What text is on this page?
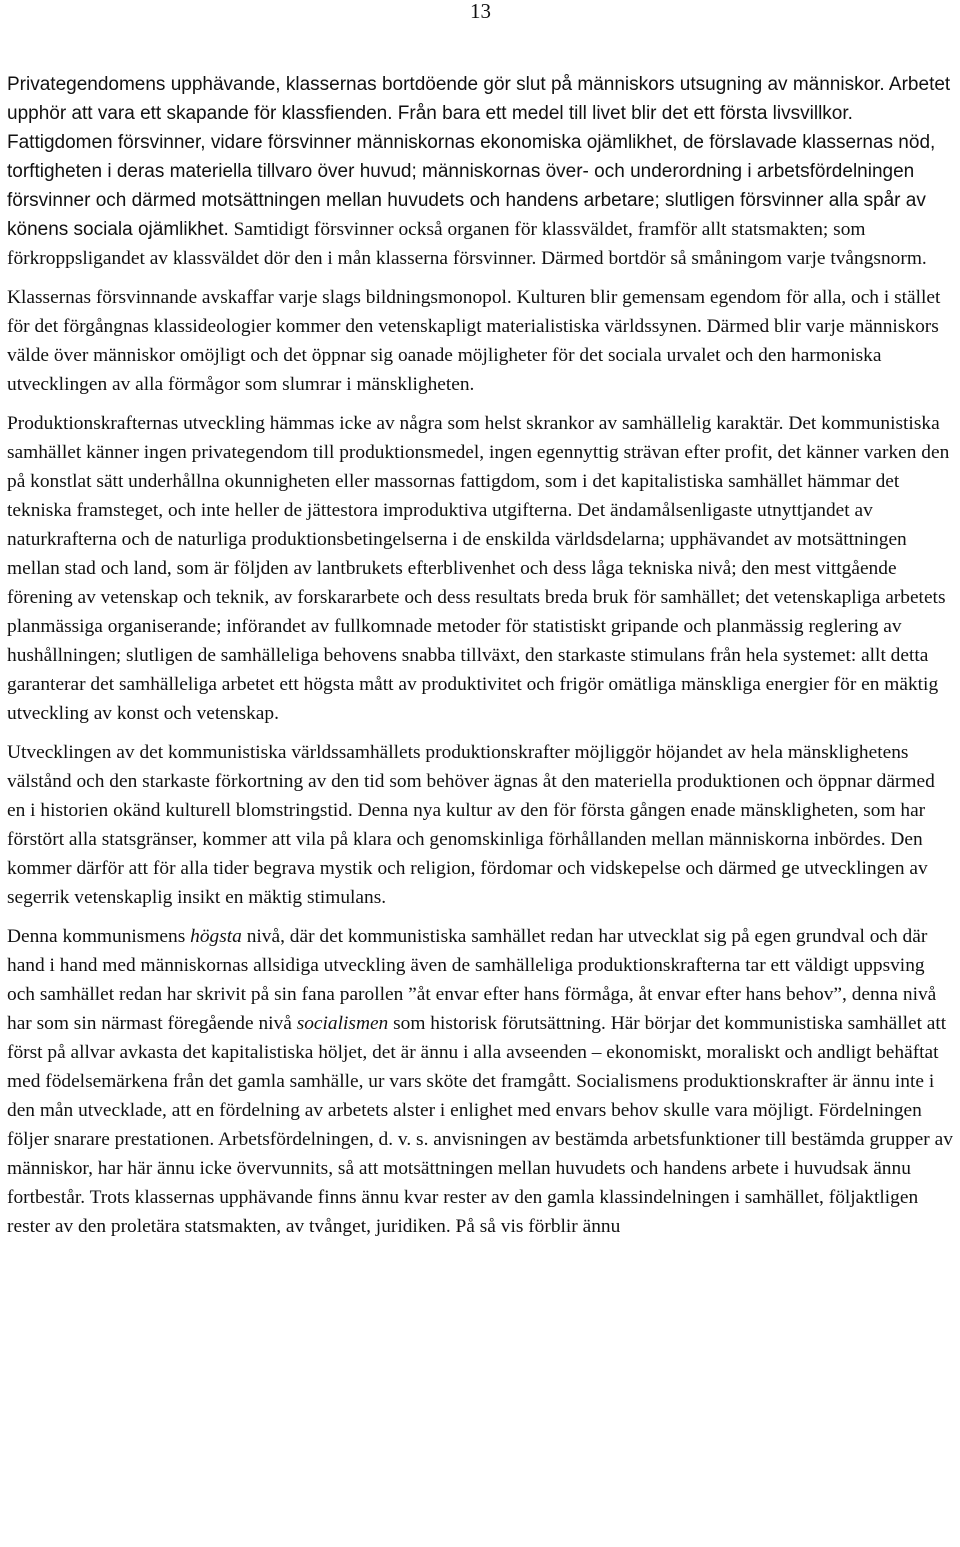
13

Privategendomens upphävande, klassernas bortdöende gör slut på människors utsugning av människor. Arbetet upphör att vara ett skapande för klassfienden. Från bara ett medel till livet blir det ett första livsvillkor. Fattigdomen försvinner, vidare försvinner människornas ekonomiska ojämlikhet, de förslavade klassernas nöd, torftigheten i deras materiella tillvaro över huvud; människornas över- och underordning i arbetsfördelningen försvinner och därmed motsättningen mellan huvudets och handens arbetare; slutligen försvinner alla spår av könens sociala ojämlikhet. Samtidigt försvinner också organen för klassväldet, framför allt statsmakten; som förkroppsligandet av klassväldet dör den i mån klasserna försvinner. Därmed bortdör så småningom varje tvångsnorm.

Klassernas försvinnande avskaffar varje slags bildningsmonopol. Kulturen blir gemensam egendom för alla, och i stället för det förgångnas klassideologier kommer den vetenskapligt materialistiska världssynen. Därmed blir varje människors välde över människor omöjligt och det öppnar sig oanade möjligheter för det sociala urvalet och den harmoniska utvecklingen av alla förmågor som slumrar i mänskligheten.

Produktionskrafternas utveckling hämmas icke av några som helst skrankor av samhällelig karaktär. Det kommunistiska samhället känner ingen privategendom till produktionsmedel, ingen egennyttig strävan efter profit, det känner varken den på konstlat sätt underhållna okunnigheten eller massornas fattigdom, som i det kapitalistiska samhället hämmar det tekniska framsteget, och inte heller de jättestora improduktiva utgifterna. Det ändamålsenligaste utnyttjandet av naturkrafterna och de naturliga produktionsbetingelserna i de enskilda världsdelarna; upphävandet av motsättningen mellan stad och land, som är följden av lantbrukets efterblivenhet och dess låga tekniska nivå; den mest vittgående förening av vetenskap och teknik, av forskararbete och dess resultats breda bruk för samhället; det vetenskapliga arbetets planmässiga organiserande; införandet av fullkomnade metoder för statistiskt gripande och planmässig reglering av hushållningen; slutligen de samhälleliga behovens snabba tillväxt, den starkaste stimulans från hela systemet: allt detta garanterar det samhälleliga arbetet ett högsta mått av produktivitet och frigör omätliga mänskliga energier för en mäktig utveckling av konst och vetenskap.

Utvecklingen av det kommunistiska världssamhällets produktionskrafter möjliggör höjandet av hela mänsklighetens välstånd och den starkaste förkortning av den tid som behöver ägnas åt den materiella produktionen och öppnar därmed en i historien okänd kulturell blomstringstid. Denna nya kultur av den för första gången enade mänskligheten, som har förstört alla statsgränser, kommer att vila på klara och genomskinliga förhållanden mellan människorna inbördes. Den kommer därför att för alla tider begrava mystik och religion, fördomar och vidskepelse och därmed ge utvecklingen av segerrik vetenskaplig insikt en mäktig stimulans.

Denna kommunismens högsta nivå, där det kommunistiska samhället redan har utvecklat sig på egen grundval och där hand i hand med människornas allsidiga utveckling även de samhälleliga produktionskrafterna tar ett väldigt uppsving och samhället redan har skrivit på sin fana parollen ”åt envar efter hans förmåga, åt envar efter hans behov”, denna nivå har som sin närmast föregående nivå socialismen som historisk förutsättning. Här börjar det kommunistiska samhället att först på allvar avkasta det kapitalistiska höljet, det är ännu i alla avseenden – ekonomiskt, moraliskt och andligt behäftat med födelsemärkena från det gamla samhälle, ur vars sköte det framgått. Socialismens produktionskrafter är ännu inte i den mån utvecklade, att en fördelning av arbetets alster i enlighet med envars behov skulle vara möjligt. Fördelningen följer snarare prestationen. Arbetsfördelningen, d. v. s. anvisningen av bestämda arbetsfunktioner till bestämda grupper av människor, har här ännu icke övervunnits, så att motsättningen mellan huvudets och handens arbete i huvudsak ännu fortbestår. Trots klassernas upphävande finns ännu kvar rester av den gamla klassindelningen i samhället, följaktligen rester av den proletära statsmakten, av tvånget, juridiken. På så vis förblir ännu
